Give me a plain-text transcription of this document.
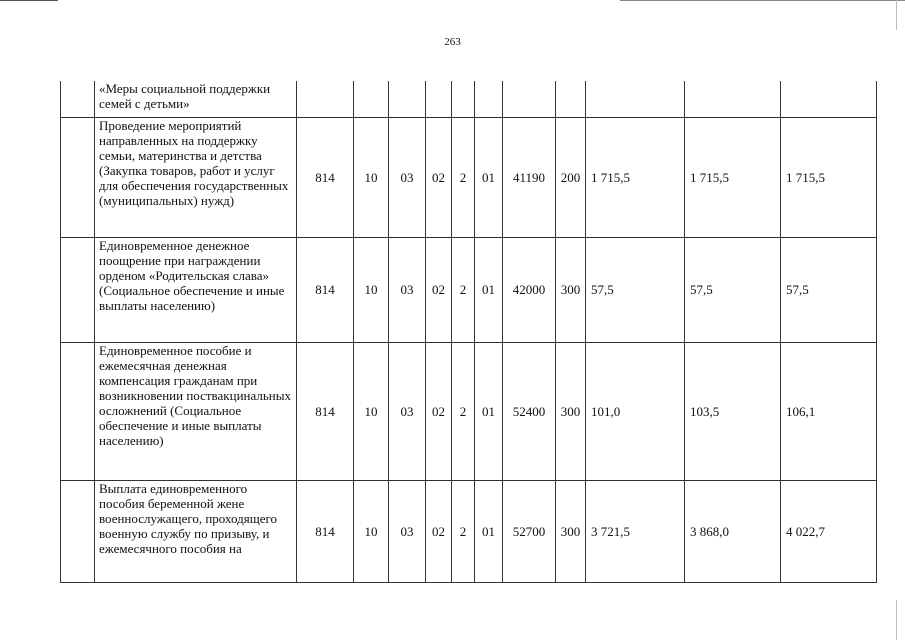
263
	«Меры социальной поддержки семей с детьми»											
	Проведение мероприятий направленных на поддержку семьи, материнства и детства (Закупка товаров, работ и услуг для обеспечения государственных (муниципальных) нужд)	814	10	03	02	2	01	41190	200	1 715,5	1 715,5	1 715,5
	Единовременное денежное поощрение при награждении орденом «Родительская слава» (Социальное обеспечение и иные выплаты населению)	814	10	03	02	2	01	42000	300	57,5	57,5	57,5
	Единовременное пособие и ежемесячная денежная компенсация гражданам при возникновении поствакцинальных осложнений (Социальное обеспечение и иные выплаты населению)	814	10	03	02	2	01	52400	300	101,0	103,5	106,1
	Выплата единовременного пособия беременной жене военнослужащего, проходящего военную службу по призыву, и ежемесячного пособия на	814	10	03	02	2	01	52700	300	3 721,5	3 868,0	4 022,7
